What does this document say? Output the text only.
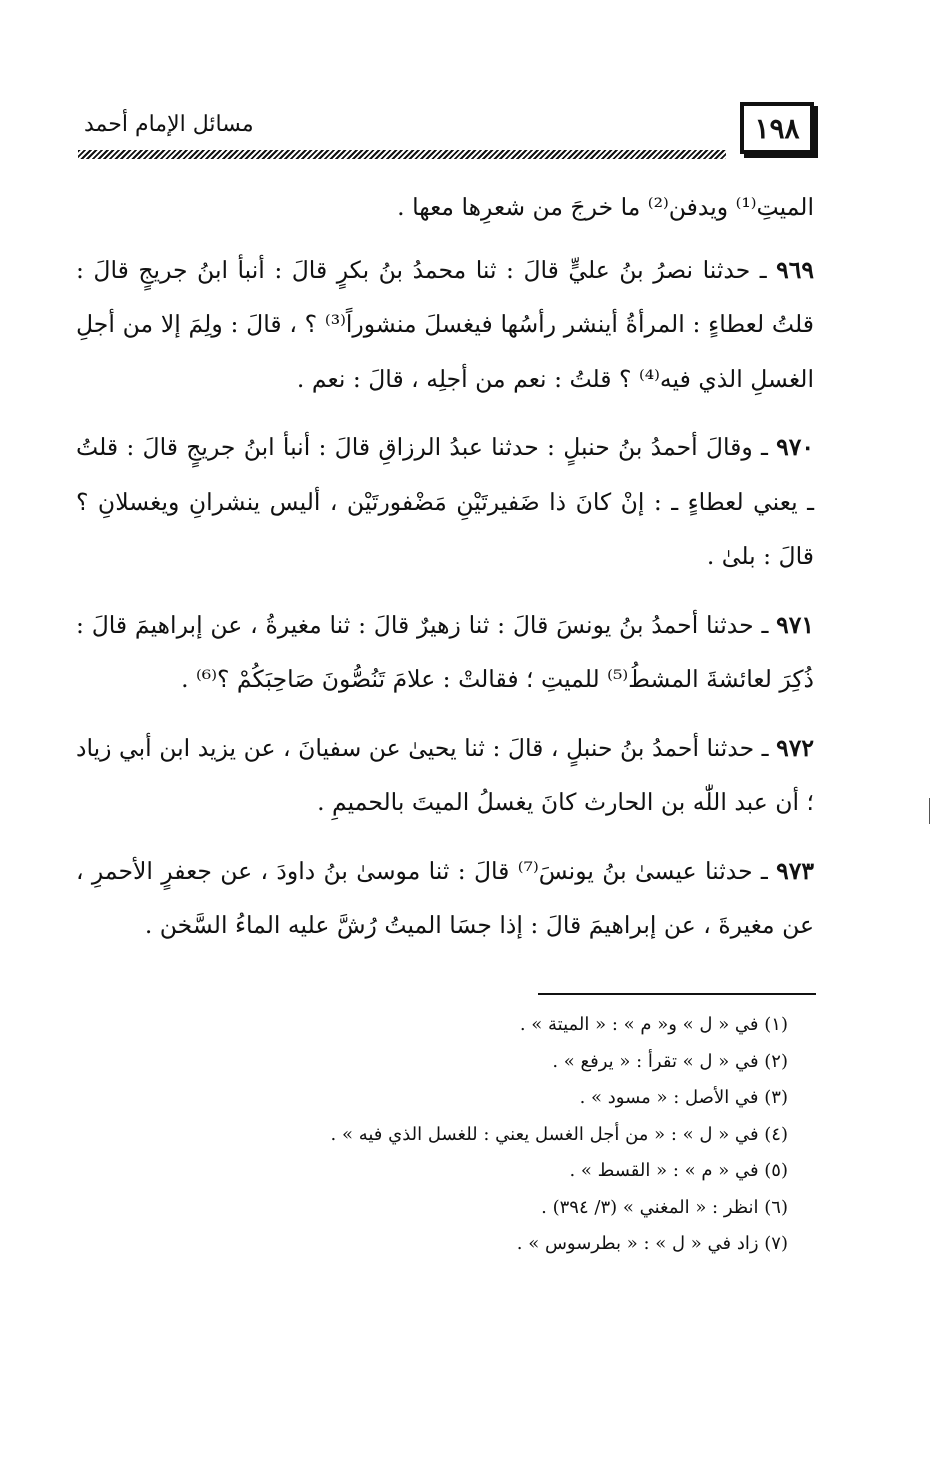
١٩٨
مسائل الإمام أحمد

الميتِ⁽¹⁾ ويدفن⁽²⁾ ما خرجَ من شعرِها معها .

٩٦٩ ـ حدثنا نصرُ بنُ عليٍّ قالَ : ثنا محمدُ بنُ بكرٍ قالَ : أنبأ ابنُ جريجٍ قالَ : قلتُ لعطاءٍ : المرأةُ أينشر رأسُها فيغسلَ منشوراً⁽³⁾ ؟ ، قالَ : ولِمَ إلا من أجلِ الغسلِ الذي فيه⁽⁴⁾ ؟ قلتُ : نعم من أجلِه ، قالَ : نعم .

٩٧٠ ـ وقالَ أحمدُ بنُ حنبلٍ : حدثنا عبدُ الرزاقِ قالَ : أنبأ ابنُ جريجٍ قالَ : قلتُ ـ يعني لعطاءٍ ـ : إنْ كانَ ذا ضَفيرتَيْنِ مَضْفورتَيْن ، أليس ينشرانِ ويغسلانِ ؟ قالَ : بلىٰ .

٩٧١ ـ حدثنا أحمدُ بنُ يونسَ قالَ : ثنا زهيرٌ قالَ : ثنا مغيرةُ ، عن إبراهيمَ قالَ : ذُكِرَ لعائشةَ المشطُ⁽⁵⁾ للميتِ ؛ فقالتْ : علامَ تَنُصُّونَ صَاحِبَكُمْ ؟⁽⁶⁾ .

٩٧٢ ـ حدثنا أحمدُ بنُ حنبلٍ ، قالَ : ثنا يحيىٰ عن سفيانَ ، عن يزيد ابن أبي زياد ؛ أن عبد اللّٰه بن الحارث كانَ يغسلُ الميتَ بالحميمِ .

٩٧٣ ـ حدثنا عيسىٰ بنُ يونسَ⁽⁷⁾ قالَ : ثنا موسىٰ بنُ داودَ ، عن جعفرٍ الأحمرِ ، عن مغيرةَ ، عن إبراهيمَ قالَ : إذا جسَا الميتُ رُشَّ عليه الماءُ السَّخن .

(١) في « ل » و« م » : « الميتة » .

(٢) في « ل » تقرأ : « يرفع » .

(٣) في الأصل : « مسود » .

(٤) في « ل » : « من أجل الغسل يعني : للغسل الذي فيه » .

(٥) في « م » : « القسط » .

(٦) انظر : « المغني » (٣/ ٣٩٤) .

(٧) زاد في « ل » : « بطرسوس » .
